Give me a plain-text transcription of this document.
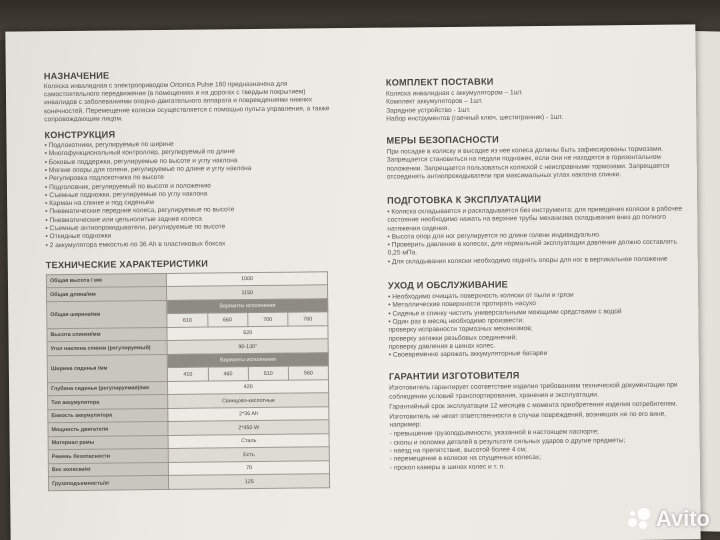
НАЗНАЧЕНИЕ

Коляска инвалидная с электроприводом Ortonica Pulse 160 предназначена для самостоятельного передвижения (в помещениях и на дорогах с твердым покрытием) инвалидов с заболеваниями опорно-двигательного аппарата и повреждениями нижних конечностей. Перемещение коляски осуществляется с помощью пульта управления, а также сопровождающим лицом.

КОНСТРУКЦИЯ
• Подлокотники, регулируемые по ширине
• Многофункциональный контроллер, регулируемый по длине
• Боковые поддержки, регулируемые по высоте и углу наклона
• Мягкие опоры для голени, регулируемые по длине и углу наклона
• Регулировка подлокотника по высоте
• Подголовник, регулируемый по высоте и положению
• Съемные подножки, регулируемые по углу наклона
• Карман на спинке и под сиденьем
• Пневматические передние колеса, регулируемые по высоте
• Пневматические или цельнолитые задние колеса
• Съемные антиопрокидыватели, регулируемые по высоте
• Откидные подножки
• 2 аккумулятора емкостью по 36 Ah в пластиковых боксах
ТЕХНИЧЕСКИЕ ХАРАКТЕРИСТИКИ
Общая высота / мм	1000			
Общая длина/мм	1150			
Общая ширина/мм	Варианты исполнения			
	610	660	700	760
Высота спинки/мм	520			
Угол наклона спинки (регулируемый)	90-130°			
Ширина сиденья /мм	Варианты исполнения			
	410	460	510	560
Глубина сиденья (регулируемая)/мм	420			
Тип аккумулятора	Свинцово-кислотные			
Емкость аккумулятора	2*36 Ah			
Мощность двигателя	2*450 W			
Материал рамы	Сталь			
Ремень безопасности	Есть			
Вес коляски/кг	70			
Грузоподъемность/кг	125			
КОМПЛЕКТ ПОСТАВКИ
Коляска инвалидная с аккумулятором – 1шт.
Комплект аккумуляторов – 1шт.
Зарядное устройство - 1шт.
Набор инструментов (гаечный ключ, шестигранник) - 1шт.
МЕРЫ БЕЗОПАСНОСТИ

При посадке в коляску и высадке из нее колеса должны быть зафиксированы тормозами. Запрещается становиться на педали подножек, если они не находятся в горизонтальном положении. Запрещается пользоваться коляской с неисправными тормозами. Запрещается отсоединять антиопрокидыватели при максимальных углах наклона спинки.

ПОДГОТОВКА К ЭКСПЛУАТАЦИИ
• Коляска складывается и раскладывается без инструмента: для приведения коляски в рабочее состояние необходимо нажать на верхние трубы механизма складывания вниз до полного натяжения сидения.
• Высота опор для ног регулируется по длине голени индивидуально.
• Проверить давление в колесах, для нормальной эксплуатации давление должно составлять 0,25 мПа.
• Для складывания коляски необходимо поднять опоры для ног в вертикальное положение
УХОД И ОБСЛУЖИВАНИЕ
• Необходимо очищать поверхность коляски от пыли и грязи
• Металлические поверхности протирать насухо
• Сиденье и спинку чистить универсальными моющими средствами с водой
• Один раз в месяц необходимо произвести:
проверку исправности тормозных механизмов;
проверку затяжки резьбовых соединений;
проверку давления в шинах колес.
• Своевременно заряжать аккумуляторные батареи
ГАРАНТИИ ИЗГОТОВИТЕЛЯ

Изготовитель гарантирует соответствие изделия требованиям технической документации при соблюдении условий транспортирования, хранения и эксплуатации.

Гарантийный срок эксплуатации 12 месяцев с момента приобретения изделия потребителем.

Изготовитель не несет ответственности в случае повреждений, возникших не по его вине, например:

- превышение грузоподъемности, указанной в настоящем паспорте;
- сколы и поломки деталей в результате сильных ударов о другие предметы;
- наезд на препятствие, высотой более 4 см;
- перемещение в коляске на спущенных колесах;
- прокол камеры в шинах колес и т. п.
Avito
